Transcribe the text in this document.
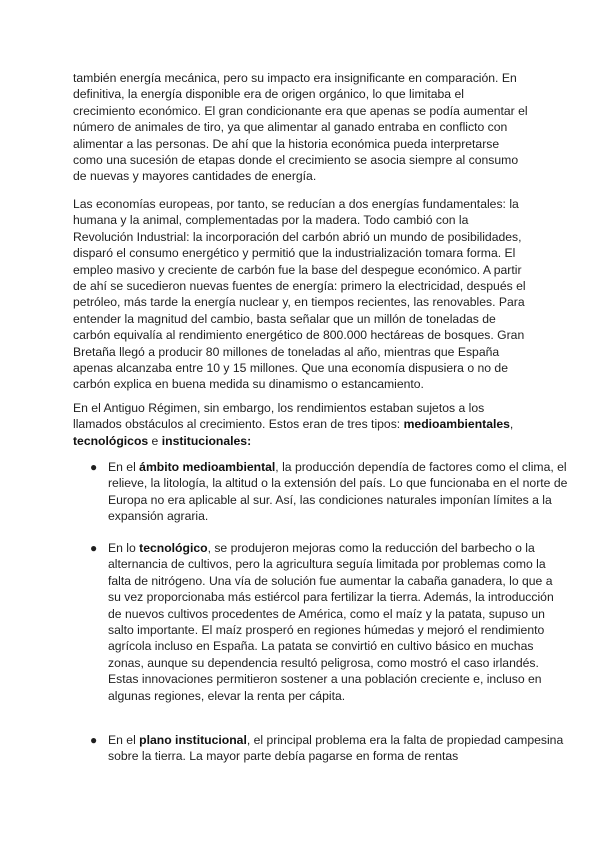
también energía mecánica, pero su impacto era insignificante en comparación. En definitiva, la energía disponible era de origen orgánico, lo que limitaba el crecimiento económico. El gran condicionante era que apenas se podía aumentar el número de animales de tiro, ya que alimentar al ganado entraba en conflicto con alimentar a las personas. De ahí que la historia económica pueda interpretarse como una sucesión de etapas donde el crecimiento se asocia siempre al consumo de nuevas y mayores cantidades de energía.

Las economías europeas, por tanto, se reducían a dos energías fundamentales: la humana y la animal, complementadas por la madera. Todo cambió con la Revolución Industrial: la incorporación del carbón abrió un mundo de posibilidades, disparó el consumo energético y permitió que la industrialización tomara forma. El empleo masivo y creciente de carbón fue la base del despegue económico. A partir de ahí se sucedieron nuevas fuentes de energía: primero la electricidad, después el petróleo, más tarde la energía nuclear y, en tiempos recientes, las renovables. Para entender la magnitud del cambio, basta señalar que un millón de toneladas de carbón equivalía al rendimiento energético de 800.000 hectáreas de bosques. Gran Bretaña llegó a producir 80 millones de toneladas al año, mientras que España apenas alcanzaba entre 10 y 15 millones. Que una economía dispusiera o no de carbón explica en buena medida su dinamismo o estancamiento.

En el Antiguo Régimen, sin embargo, los rendimientos estaban sujetos a los llamados obstáculos al crecimiento. Estos eran de tres tipos: medioambientales, tecnológicos e institucionales:

● En el ámbito medioambiental, la producción dependía de factores como el clima, el relieve, la litología, la altitud o la extensión del país. Lo que funcionaba en el norte de Europa no era aplicable al sur. Así, las condiciones naturales imponían límites a la expansión agraria.
● En lo tecnológico, se produjeron mejoras como la reducción del barbecho o la alternancia de cultivos, pero la agricultura seguía limitada por problemas como la falta de nitrógeno. Una vía de solución fue aumentar la cabaña ganadera, lo que a su vez proporcionaba más estiércol para fertilizar la tierra. Además, la introducción de nuevos cultivos procedentes de América, como el maíz y la patata, supuso un salto importante. El maíz prosperó en regiones húmedas y mejoró el rendimiento agrícola incluso en España. La patata se convirtió en cultivo básico en muchas zonas, aunque su dependencia resultó peligrosa, como mostró el caso irlandés. Estas innovaciones permitieron sostener a una población creciente e, incluso en algunas regiones, elevar la renta per cápita.
● En el plano institucional, el principal problema era la falta de propiedad campesina sobre la tierra. La mayor parte debía pagarse en forma de rentas
